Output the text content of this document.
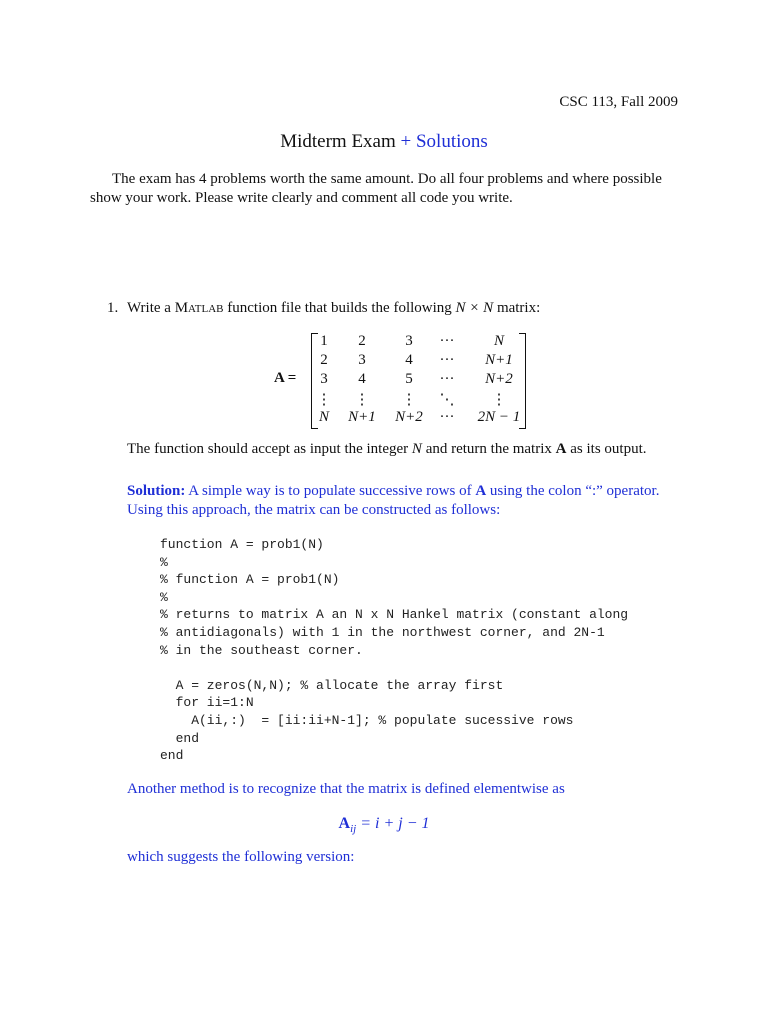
CSC 113, Fall 2009
Midterm Exam + Solutions
The exam has 4 problems worth the same amount. Do all four problems and where possible
show your work. Please write clearly and comment all code you write.
1. Write a MATLAB function file that builds the following N × N matrix:
A =
1 2	3 ···	N
2 3	4 ··· N+1
3 4	5 ··· N+2
⋮ ⋮ ⋮ ⋱ ⋮
N N+1 N+2 ··· 2N − 1
The function should accept as input the integer N and return the matrix A as its output.
Solution: A simple way is to populate successive rows of A using the colon “:” operator.
Using this approach, the matrix can be constructed as follows:
function A = prob1(N)
%
% function A = prob1(N)
%
% returns to matrix A an N x N Hankel matrix (constant along
% antidiagonals) with 1 in the northwest corner, and 2N-1
% in the southeast corner.

A = zeros(N,N); % allocate the array first
for ii=1:N
A(ii,:)  = [ii:ii+N-1]; % populate sucessive rows
end
end
Another method is to recognize that the matrix is defined elementwise as
$A_{ij} = i + j - 1$
which suggests the following version:
